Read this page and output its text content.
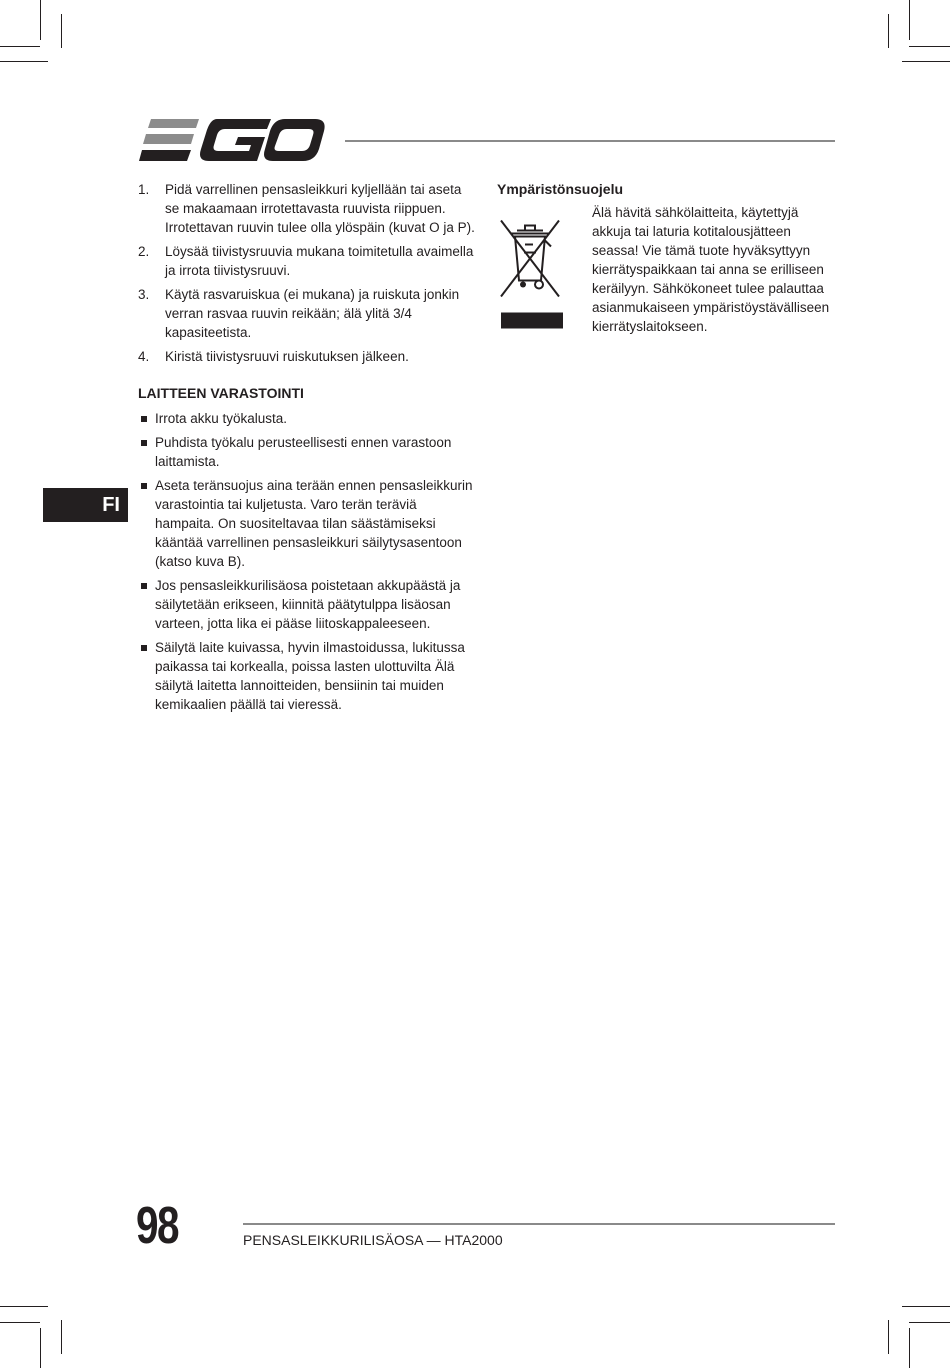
FI
1. Pidä varrellinen pensasleikkuri kyljellään tai aseta se makaamaan irrotettavasta ruuvista riippuen. Irrotettavan ruuvin tulee olla ylöspäin (kuvat O ja P).
2. Löysää tiivistysruuvia mukana toimitetulla avaimella ja irrota tiivistysruuvi.
3. Käytä rasvaruiskua (ei mukana) ja ruiskuta jonkin verran rasvaa ruuvin reikään; älä ylitä 3/4 kapasiteetista.
4. Kiristä tiivistysruuvi ruiskutuksen jälkeen.
LAITTEEN VARASTOINTI
Irrota akku työkalusta.
Puhdista työkalu perusteellisesti ennen varastoon laittamista.
Aseta teränsuojus aina terään ennen pensasleikkurin varastointia tai kuljetusta. Varo terän teräviä hampaita. On suositeltavaa tilan säästämiseksi kääntää varrellinen pensasleikkuri säilytysasentoon (katso kuva B).
Jos pensasleikkurilisäosa poistetaan akkupäästä ja säilytetään erikseen, kiinnitä päätytulppa lisäosan varteen, jotta lika ei pääse liitoskappaleeseen.
Säilytä laite kuivassa, hyvin ilmastoidussa, lukitussa paikassa tai korkealla, poissa lasten ulottuvilta Älä säilytä laitetta lannoitteiden, bensiinin tai muiden kemikaalien päällä tai vieressä.
Ympäristönsuojelu
Älä hävitä sähkölaitteita, käytettyjä akkuja tai laturia kotitalousjätteen seassa! Vie tämä tuote hyväksyttyyn kierrätyspaikkaan tai anna se erilliseen keräilyyn. Sähkökoneet tulee palauttaa asianmukaiseen ympäristöystävälliseen kierrätyslaitokseen.
98	PENSASLEIKKURILISÄOSA — HTA2000
